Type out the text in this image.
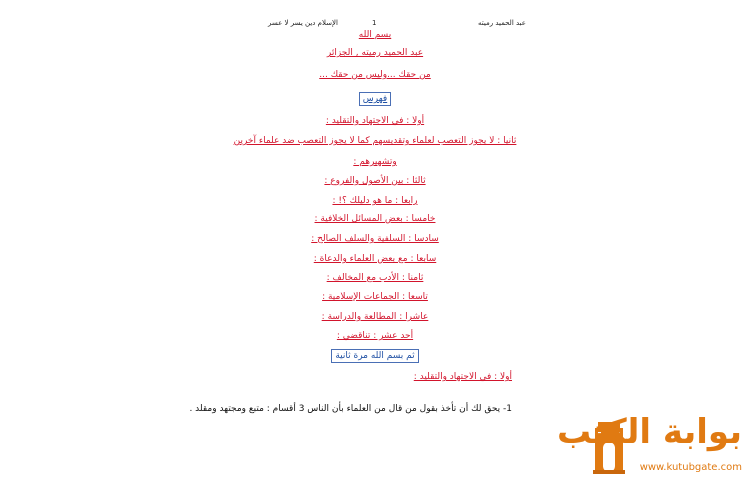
الإسلام دين يسر لا عسر	1	عبد الحميد رميته
بسم الله
عبد الحميد رميته , الجزائر
من حقك ...وليس من حقك ...
فهرس
أولا : في الاجتهاد والتقليد :
ثانيا : لا يجوز التعصب لعلماء وتقديسهم كما لا يجوز التعصب ضد علماء آخرين
وتشهيرهم :
ثالثا : بين الأصول والفروع :
رابعا : ما هو دليلك ؟! :
خامسا : بعض المسائل الخلافية :
سادسا : السلفية والسلف الصالح :
سابعا : مع بعض العلماء والدعاة :
ثامنا : الأدب مع المخالف :
تاسعا : الجماعات الإسلامية :
عاشرا : المطالعة والدراسة :
أحد عشر : تناقضي :
ثم بسم الله مرة ثانية
أولا : في الاجتهاد والتقليد :
1- يحق لك أن تأخذ بقول من قال من العلماء بأن الناس 3 أقسام : متبع ومجتهد ومقلد .
بوابة الكتب
www.kutubgate.com
